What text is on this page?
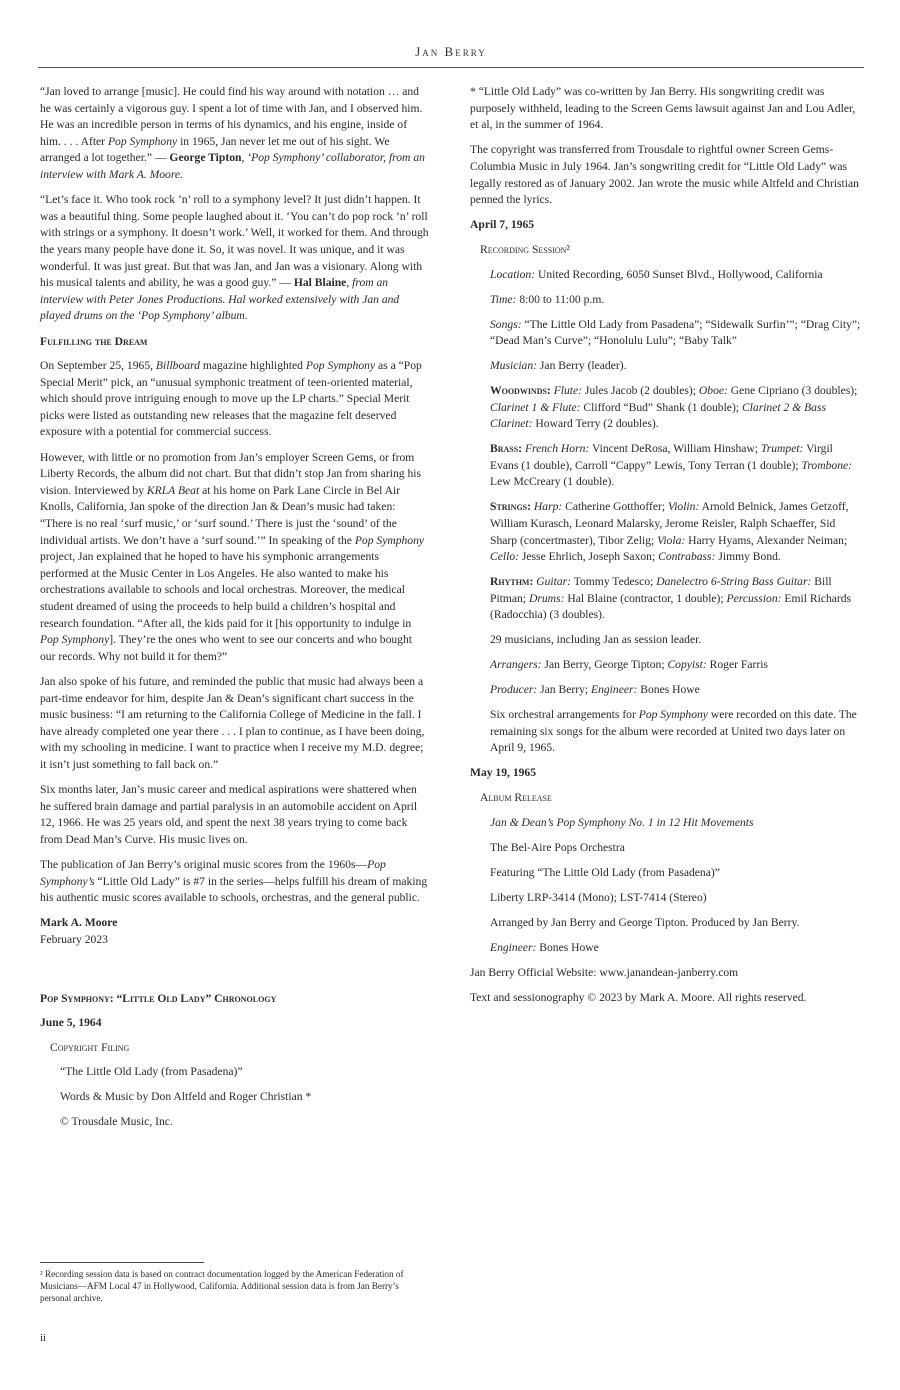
Jan Berry

“Jan loved to arrange [music]. He could find his way around with notation … and he was certainly a vigorous guy. I spent a lot of time with Jan, and I observed him. He was an incredible person in terms of his dynamics, and his engine, inside of him. . . . After Pop Symphony in 1965, Jan never let me out of his sight. We arranged a lot together.” — George Tipton, ‘Pop Symphony’ collaborator, from an interview with Mark A. Moore.

“Let’s face it. Who took rock ’n’ roll to a symphony level? It just didn’t happen. It was a beautiful thing. Some people laughed about it. ‘You can’t do pop rock ’n’ roll with strings or a symphony. It doesn’t work.’ Well, it worked for them. And through the years many people have done it. So, it was novel. It was unique, and it was wonderful. It was just great. But that was Jan, and Jan was a visionary. Along with his musical talents and ability, he was a good guy.” — Hal Blaine, from an interview with Peter Jones Productions. Hal worked extensively with Jan and played drums on the ‘Pop Symphony’ album.

Fulfilling the Dream

On September 25, 1965, Billboard magazine highlighted Pop Symphony as a “Pop Special Merit” pick, an “unusual symphonic treatment of teen-oriented material, which should prove intriguing enough to move up the LP charts.” Special Merit picks were listed as outstanding new releases that the magazine felt deserved exposure with a potential for commercial success.

However, with little or no promotion from Jan’s employer Screen Gems, or from Liberty Records, the album did not chart. But that didn’t stop Jan from sharing his vision. Interviewed by KRLA Beat at his home on Park Lane Circle in Bel Air Knolls, California, Jan spoke of the direction Jan & Dean’s music had taken: “There is no real ‘surf music,’ or ‘surf sound.’ There is just the ‘sound’ of the individual artists. We don’t have a ‘surf sound.’” In speaking of the Pop Symphony project, Jan explained that he hoped to have his symphonic arrangements performed at the Music Center in Los Angeles. He also wanted to make his orchestrations available to schools and local orchestras. Moreover, the medical student dreamed of using the proceeds to help build a children’s hospital and research foundation. “After all, the kids paid for it [his opportunity to indulge in Pop Symphony]. They’re the ones who went to see our concerts and who bought our records. Why not build it for them?”

Jan also spoke of his future, and reminded the public that music had always been a part-time endeavor for him, despite Jan & Dean’s significant chart success in the music business: “I am returning to the California College of Medicine in the fall. I have already completed one year there . . . I plan to continue, as I have been doing, with my schooling in medicine. I want to practice when I receive my M.D. degree; it isn’t just something to fall back on.”

Six months later, Jan’s music career and medical aspirations were shattered when he suffered brain damage and partial paralysis in an automobile accident on April 12, 1966. He was 25 years old, and spent the next 38 years trying to come back from Dead Man’s Curve. His music lives on.

The publication of Jan Berry’s original music scores from the 1960s—Pop Symphony’s “Little Old Lady” is #7 in the series—helps fulfill his dream of making his authentic music scores available to schools, orchestras, and the general public.

Mark A. Moore

February 2023

Pop Symphony: “Little Old Lady” Chronology
June 5, 1964
Copyright Filing

“The Little Old Lady (from Pasadena)”

Words & Music by Don Altfeld and Roger Christian *

© Trousdale Music, Inc.

² Recording session data is based on contract documentation logged by the American Federation of Musicians—AFM Local 47 in Hollywood, California. Additional session data is from Jan Berry’s personal archive.
ii

* “Little Old Lady” was co-written by Jan Berry. His songwriting credit was purposely withheld, leading to the Screen Gems lawsuit against Jan and Lou Adler, et al, in the summer of 1964.

The copyright was transferred from Trousdale to rightful owner Screen Gems-Columbia Music in July 1964. Jan’s songwriting credit for “Little Old Lady” was legally restored as of January 2002. Jan wrote the music while Altfeld and Christian penned the lyrics.

April 7, 1965
Recording Session²

Location: United Recording, 6050 Sunset Blvd., Hollywood, California

Time: 8:00 to 11:00 p.m.

Songs: “The Little Old Lady from Pasadena”; “Sidewalk Surfin’”; “Drag City”; “Dead Man’s Curve”; “Honolulu Lulu”; “Baby Talk”

Musician: Jan Berry (leader).

Woodwinds: Flute: Jules Jacob (2 doubles); Oboe: Gene Cipriano (3 doubles); Clarinet 1 & Flute: Clifford “Bud” Shank (1 double); Clarinet 2 & Bass Clarinet: Howard Terry (2 doubles).

Brass: French Horn: Vincent DeRosa, William Hinshaw; Trumpet: Virgil Evans (1 double), Carroll “Cappy” Lewis, Tony Terran (1 double); Trombone: Lew McCreary (1 double).

Strings: Harp: Catherine Gotthoffer; Violin: Arnold Belnick, James Getzoff, William Kurasch, Leonard Malarsky, Jerome Reisler, Ralph Schaeffer, Sid Sharp (concertmaster), Tibor Zelig; Viola: Harry Hyams, Alexander Neiman; Cello: Jesse Ehrlich, Joseph Saxon; Contrabass: Jimmy Bond.

Rhythm: Guitar: Tommy Tedesco; Danelectro 6-String Bass Guitar: Bill Pitman; Drums: Hal Blaine (contractor, 1 double); Percussion: Emil Richards (Radocchia) (3 doubles).

29 musicians, including Jan as session leader.

Arrangers: Jan Berry, George Tipton; Copyist: Roger Farris

Producer: Jan Berry; Engineer: Bones Howe

Six orchestral arrangements for Pop Symphony were recorded on this date. The remaining six songs for the album were recorded at United two days later on April 9, 1965.

May 19, 1965
Album Release

Jan & Dean’s Pop Symphony No. 1 in 12 Hit Movements

The Bel-Aire Pops Orchestra

Featuring “The Little Old Lady (from Pasadena)”

Liberty LRP-3414 (Mono); LST-7414 (Stereo)

Arranged by Jan Berry and George Tipton. Produced by Jan Berry.

Engineer: Bones Howe

Jan Berry Official Website: www.janandean-janberry.com

Text and sessionography © 2023 by Mark A. Moore. All rights reserved.
